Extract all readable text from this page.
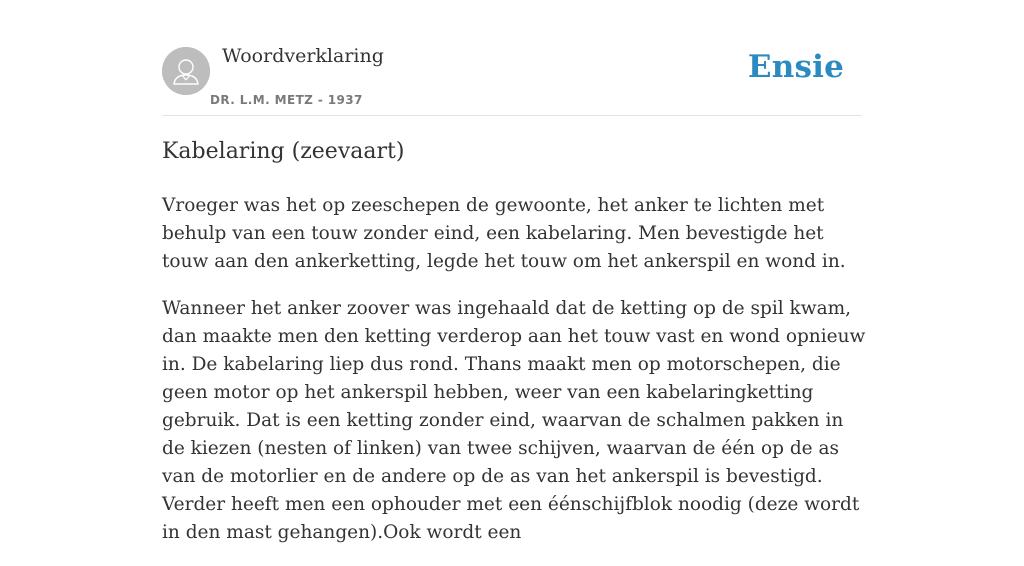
Woordverklaring
DR. L.M. METZ - 1937
Ensie
Kabelaring (zeevaart)

Vroeger was het op zeeschepen de gewoonte, het anker te lichten met behulp van een touw zonder eind, een kabelaring. Men bevestigde het touw aan den ankerketting, legde het touw om het ankerspil en wond in.

Wanneer het anker zoover was ingehaald dat de ketting op de spil kwam, dan maakte men den ketting verderop aan het touw vast en wond opnieuw in. De kabelaring liep dus rond. Thans maakt men op motorschepen, die geen motor op het ankerspil hebben, weer van een kabelaringketting gebruik. Dat is een ketting zonder eind, waarvan de schalmen pakken in de kiezen (nesten of linken) van twee schijven, waarvan de één op de as van de motorlier en de andere op de as van het ankerspil is bevestigd. Verder heeft men een ophouder met een éénschijfblok noodig (deze wordt in den mast gehangen).Ook wordt een
